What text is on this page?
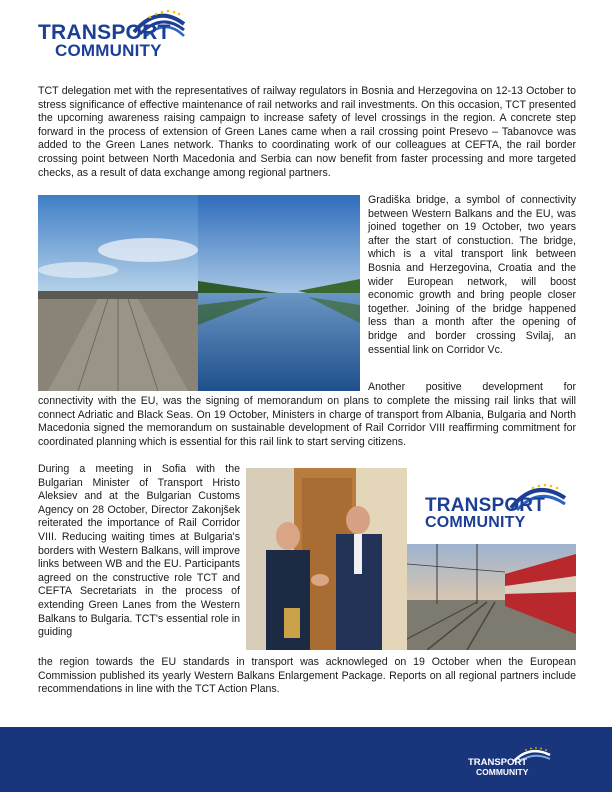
TRANSPORT
COMMUNITY

TCT delegation met with the representatives of railway regulators in Bosnia and Herzegovina on 12-13 October to stress significance of effective maintenance of rail networks and rail investments. On this occasion, TCT presented the upcoming awareness raising campaign to increase safety of level crossings in the region. A concrete step forward in the process of extension of Green Lanes came when a rail crossing point Presevo – Tabanovce was added to the Green Lanes network. Thanks to coordinating work of our colleagues at CEFTA, the rail border crossing point between North Macedonia and Serbia can now benefit from faster processing and more targeted checks, as a result of data exchange among regional partners.

Gradiška bridge, a symbol of connectivity between Western Balkans and the EU, was joined together on 19 October, two years after the start of constuction. The bridge, which is a vital transport link between Bosnia and Herzegovina, Croatia and the wider European network, will boost economic growth and bring people closer together. Joining of the bridge happened less than a month after the opening of bridge and border crossing Svilaj, an essential link on Corridor Vc.

Another positive development for

connectivity with the EU, was the signing of memorandum on plans to complete the missing rail links that will connect Adriatic and Black Seas. On 19 October, Ministers in charge of transport from Albania, Bulgaria and North Macedonia signed the memorandum on sustainable development of Rail Corridor VIII reaffirming commitment for coordinated planning which is essential for this rail link to start serving citizens.

During a meeting in Sofia with the Bulgarian Minister of Transport Hristo Aleksiev and at the Bulgarian Customs Agency on 28 October, Director Zakonjšek reiterated the importance of Rail Corridor VIII. Reducing waiting times at Bulgaria's borders with Western Balkans, will improve links between WB and the EU. Participants agreed on the constructive role TCT and CEFTA Secretariats in the process of extending Green Lanes from the Western Balkans to Bulgaria. TCT's essential role in guiding

TRANSPORT
COMMUNITY

the region towards the EU standards in transport was acknowleged on 19 October when the European Commission published its yearly Western Balkans Enlargement Package. Reports on all regional partners include recommendations in line with the TCT Action Plans.

TRANSPORT
COMMUNITY
